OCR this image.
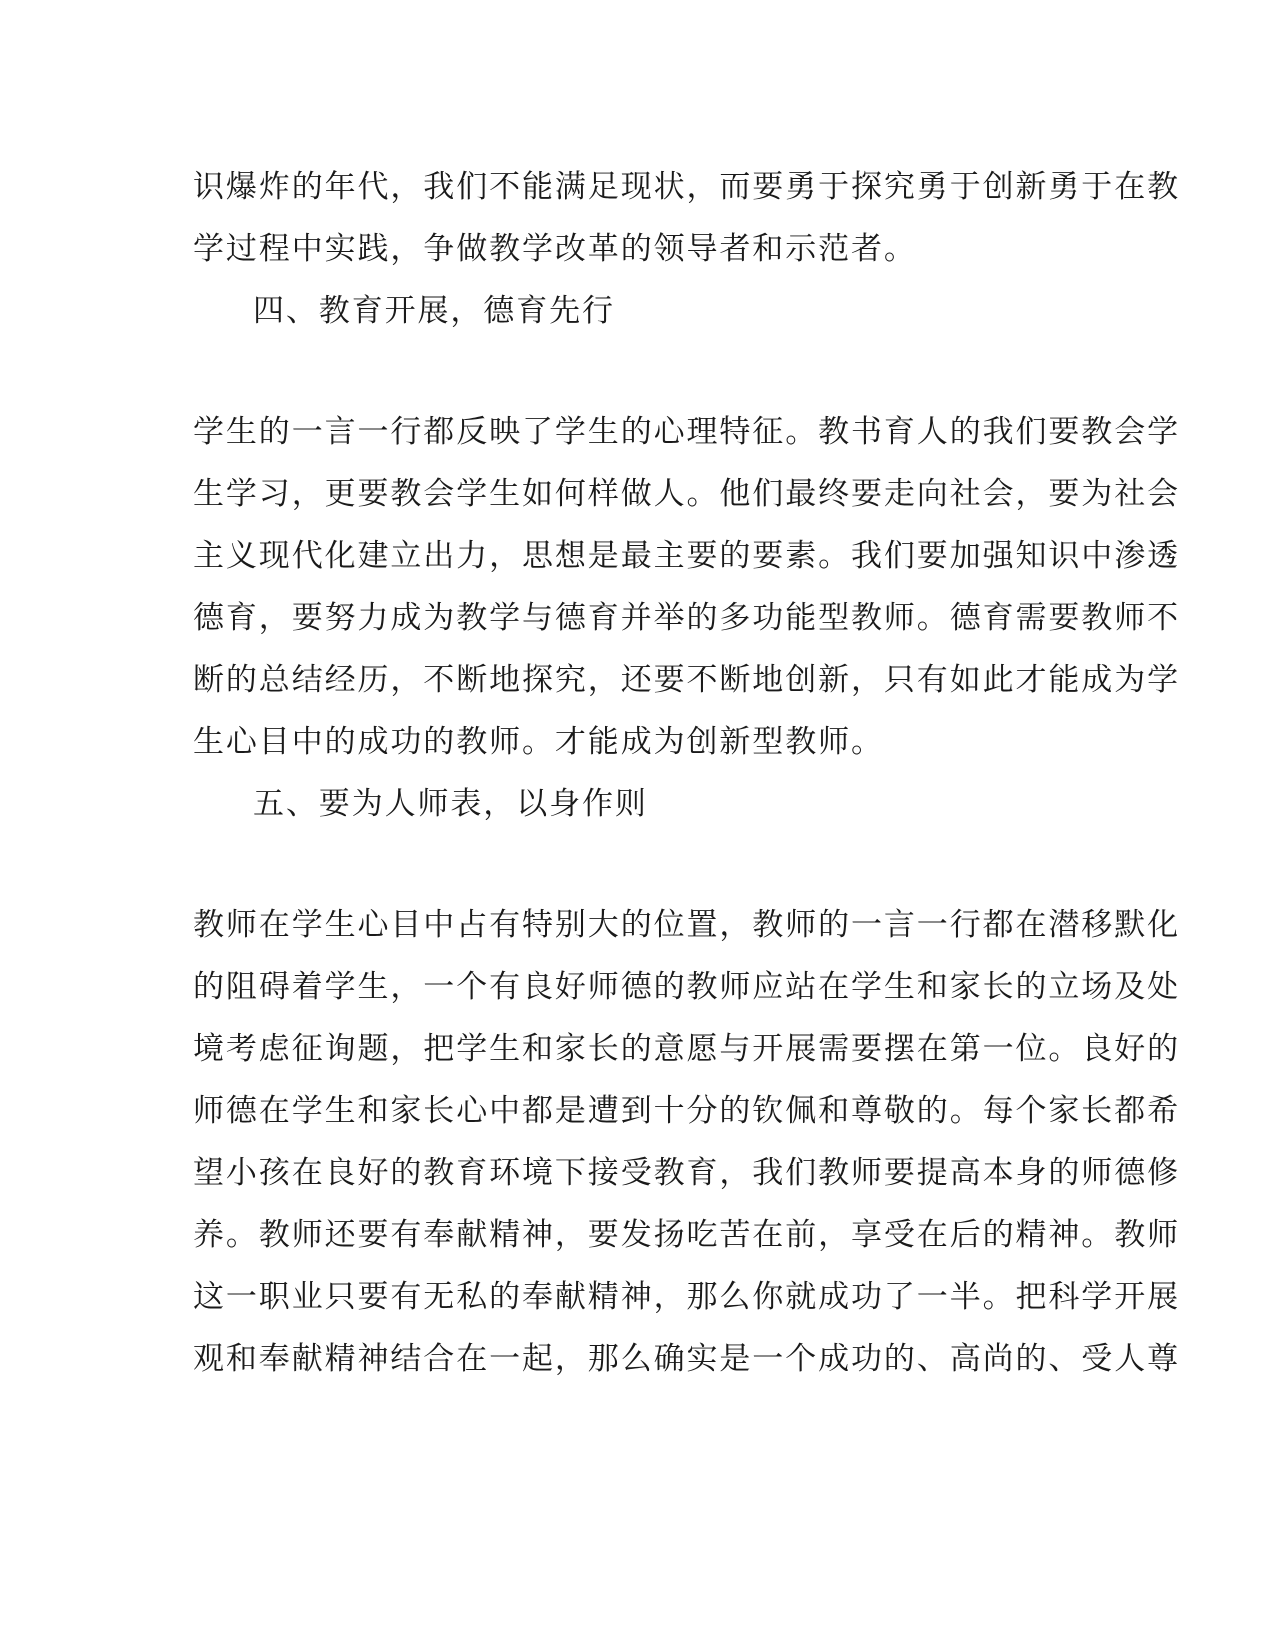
识爆炸的年代，我们不能满足现状，而要勇于探究勇于创新勇于在教
学过程中实践，争做教学改革的领导者和示范者。
四、教育开展，德育先行
学生的一言一行都反映了学生的心理特征。教书育人的我们要教会学
生学习，更要教会学生如何样做人。他们最终要走向社会，要为社会
主义现代化建立出力，思想是最主要的要素。我们要加强知识中渗透
德育，要努力成为教学与德育并举的多功能型教师。德育需要教师不
断的总结经历，不断地探究，还要不断地创新，只有如此才能成为学
生心目中的成功的教师。才能成为创新型教师。
五、要为人师表，以身作则
教师在学生心目中占有特别大的位置，教师的一言一行都在潜移默化
的阻碍着学生，一个有良好师德的教师应站在学生和家长的立场及处
境考虑征询题，把学生和家长的意愿与开展需要摆在第一位。良好的
师德在学生和家长心中都是遭到十分的钦佩和尊敬的。每个家长都希
望小孩在良好的教育环境下接受教育，我们教师要提高本身的师德修
养。教师还要有奉献精神，要发扬吃苦在前，享受在后的精神。教师
这一职业只要有无私的奉献精神，那么你就成功了一半。把科学开展
观和奉献精神结合在一起，那么确实是一个成功的、高尚的、受人尊
